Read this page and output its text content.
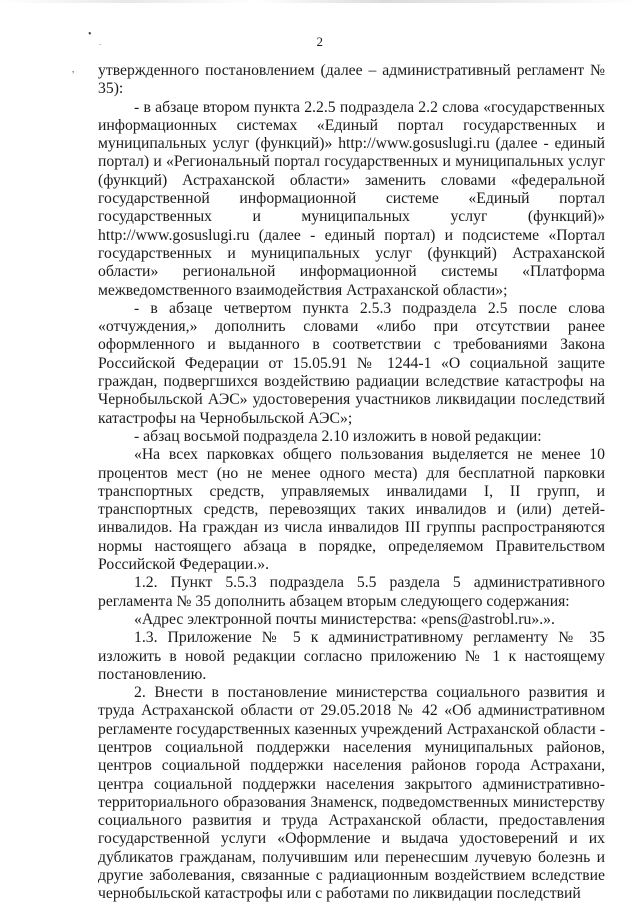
•
·
,
2

утвержденного постановлением (далее – административный регламент № 35):

- в абзаце втором пункта 2.2.5 подраздела 2.2 слова «государственных информационных системах «Единый портал государственных и муниципальных услуг (функций)» http://www.gosuslugi.ru (далее - единый портал) и «Региональный портал государственных и муниципальных услуг (функций) Астраханской области» заменить словами «федеральной государственной информационной системе «Единый портал государственных и муниципальных услуг (функций)» http://www.gosuslugi.ru (далее - единый портал) и подсистеме «Портал государственных и муниципальных услуг (функций) Астраханской области» региональной информационной системы «Платформа межведомственного взаимодействия Астраханской области»;

- в абзаце четвертом пункта 2.5.3 подраздела 2.5 после слова «отчуждения,» дополнить словами «либо при отсутствии ранее оформленного и выданного в соответствии с требованиями Закона Российской Федерации от 15.05.91 № 1244-1 «О социальной защите граждан, подвергшихся воздействию радиации вследствие катастрофы на Чернобыльской АЭС» удостоверения участников ликвидации последствий катастрофы на Чернобыльской АЭС»;

- абзац восьмой подраздела 2.10 изложить в новой редакции:

«На всех парковках общего пользования выделяется не менее 10 процентов мест (но не менее одного места) для бесплатной парковки транспортных средств, управляемых инвалидами I, II групп, и транспортных средств, перевозящих таких инвалидов и (или) детей-инвалидов. На граждан из числа инвалидов III группы распространяются нормы настоящего абзаца в порядке, определяемом Правительством Российской Федерации.».

1.2. Пункт 5.5.3 подраздела 5.5 раздела 5 административного регламента № 35 дополнить абзацем вторым следующего содержания:

«Адрес электронной почты министерства: «pens@astrobl.ru».».

1.3. Приложение № 5 к административному регламенту № 35 изложить в новой редакции согласно приложению № 1 к настоящему постановлению.

2. Внести в постановление министерства социального развития и труда Астраханской области от 29.05.2018 № 42 «Об административном регламенте государственных казенных учреждений Астраханской области - центров социальной поддержки населения муниципальных районов, центров социальной поддержки населения районов города Астрахани, центра социальной поддержки населения закрытого административно-территориального образования Знаменск, подведомственных министерству социального развития и труда Астраханской области, предоставления государственной услуги «Оформление и выдача удостоверений и их дубликатов гражданам, получившим или перенесшим лучевую болезнь и другие заболевания, связанные с радиационным воздействием вследствие чернобыльской катастрофы или с работами по ликвидации последствий
